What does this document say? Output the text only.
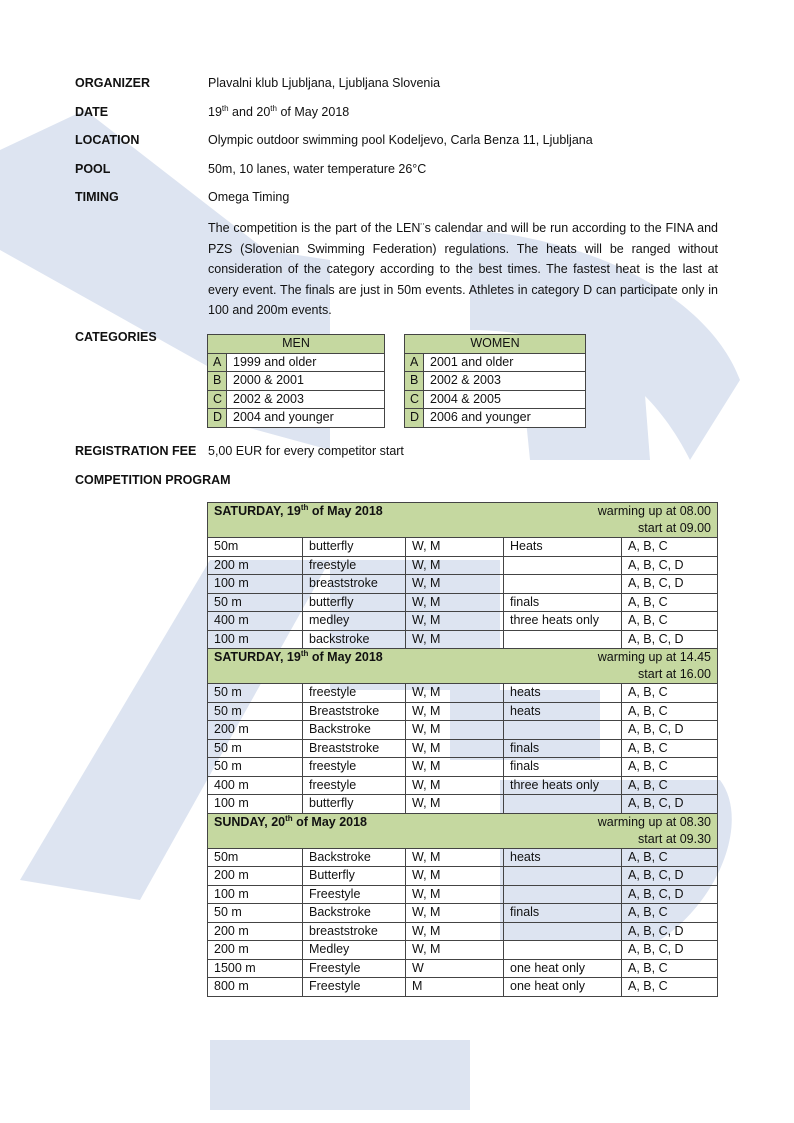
ORGANIZER	Plavalni klub Ljubljana, Ljubljana Slovenia
DATE	19th and 20th of May 2018
LOCATION	Olympic outdoor swimming pool Kodeljevo, Carla Benza 11, Ljubljana
POOL	50m, 10 lanes, water temperature 26°C
TIMING	Omega Timing
The competition is the part of the LEN¨s calendar and will be run according to the FINA and PZS (Slovenian Swimming Federation) regulations. The heats will be ranged without consideration of the category according to the best times. The fastest heat is the last at every event. The finals are just in 50m events. Athletes in category D can participate only in 100 and 200m events.
CATEGORIES	MEN	
A	1999 and older
B	2000 & 2001
C	2002 & 2003
D	2004 and younger
WOMEN	
A	2001 and older
B	2002 & 2003
C	2004 & 2005
D	2006 and younger
REGISTRATION FEE 5,00 EUR for every competitor start
COMPETITION PROGRAM
SATURDAY, 19th of May 2018 warming up at 08.00
start at 09.00				

50m	butterfly	W, M	Heats	A, B, C
200 m	freestyle	W, M		A, B, C, D
100 m	breaststroke	W, M		A, B, C, D
50 m	butterfly	W, M	finals	A, B, C
400 m	medley	W, M	three heats only	A, B, C
100 m	backstroke	W, M		A, B, C, D

SATURDAY, 19th of May 2018 warming up at 14.45
start at 16.00				

50 m	freestyle	W, M	heats	A, B, C
50 m	Breaststroke	W, M	heats	A, B, C
200 m	Backstroke	W, M		A, B, C, D
50 m	Breaststroke	W, M	finals	A, B, C
50 m	freestyle	W, M	finals	A, B, C
400 m	freestyle	W, M	three heats only	A, B, C
100 m	butterfly	W, M		A, B, C, D

SUNDAY, 20th of May 2018 warming up at 08.30
start at 09.30				

50m	Backstroke	W, M	heats	A, B, C
200 m	Butterfly	W, M		A, B, C, D
100 m	Freestyle	W, M		A, B, C, D
50 m	Backstroke	W, M	finals	A, B, C
200 m	breaststroke	W, M		A, B, C, D
200 m	Medley	W, M		A, B, C, D
1500 m	Freestyle	W	one heat only	A, B, C
800 m	Freestyle	M	one heat only	A, B, C
